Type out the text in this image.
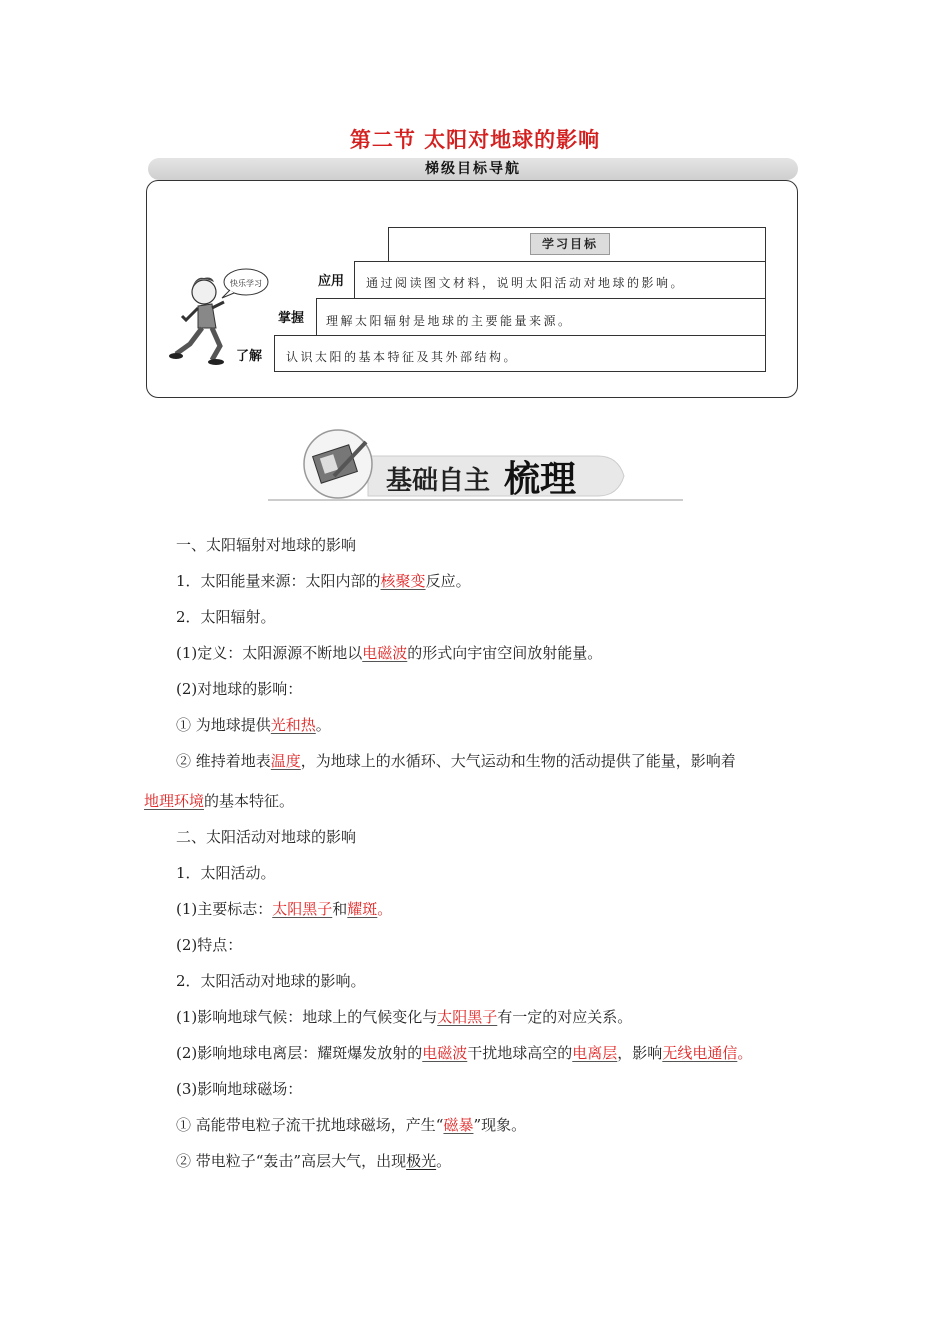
第二节 太阳对地球的影响
梯级目标导航
学习目标
应用 通过阅读图文材料，说明太阳活动对地球的影响。
掌握 理解太阳辐射是地球的主要能量来源。
了解 认识太阳的基本特征及其外部结构。
快乐学习
基础自主 梳理
一、太阳辐射对地球的影响
1．太阳能量来源：太阳内部的核聚变反应。
2．太阳辐射。
(1)定义：太阳源源不断地以电磁波的形式向宇宙空间放射能量。
(2)对地球的影响：
① 为地球提供光和热。
② 维持着地表温度，为地球上的水循环、大气运动和生物的活动提供了能量，影响着
地理环境的基本特征。
二、太阳活动对地球的影响
1．太阳活动。
(1)主要标志：太阳黑子和耀斑。
(2)特点：
2．太阳活动对地球的影响。
(1)影响地球气候：地球上的气候变化与太阳黑子有一定的对应关系。
(2)影响地球电离层：耀斑爆发放射的电磁波干扰地球高空的电离层，影响无线电通信。
(3)影响地球磁场：
① 高能带电粒子流干扰地球磁场，产生“磁暴”现象。
② 带电粒子“轰击”高层大气，出现极光。
